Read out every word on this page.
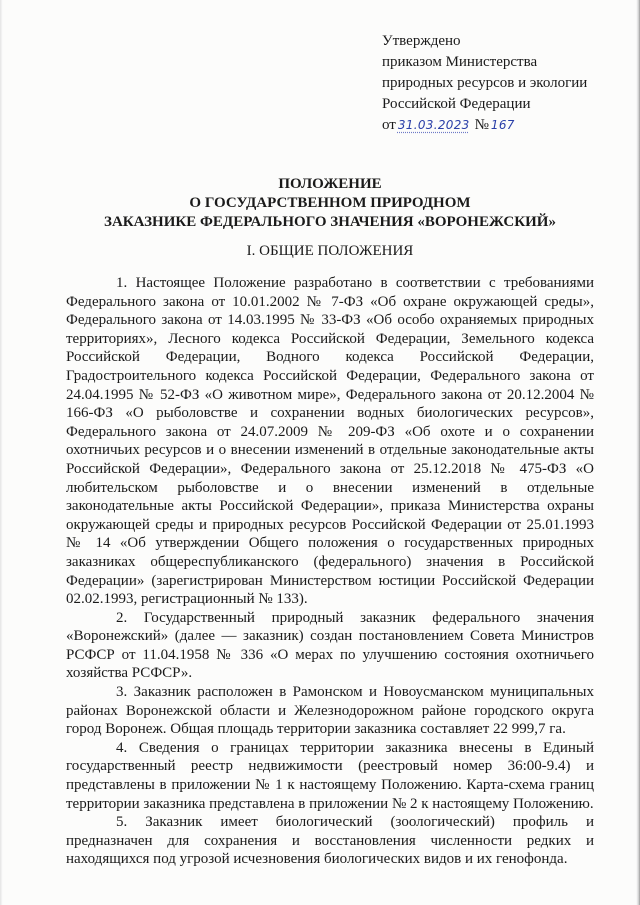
Утверждено
приказом Министерства
природных ресурсов и экологии
Российской Федерации
от 31.03.2023 № 167
ПОЛОЖЕНИЕ
О ГОСУДАРСТВЕННОМ ПРИРОДНОМ
ЗАКАЗНИКЕ ФЕДЕРАЛЬНОГО ЗНАЧЕНИЯ «ВОРОНЕЖСКИЙ»
I. ОБЩИЕ ПОЛОЖЕНИЯ

1. Настоящее Положение разработано в соответствии с требованиями Федерального закона от 10.01.2002 № 7-ФЗ «Об охране окружающей среды», Федерального закона от 14.03.1995 № 33-ФЗ «Об особо охраняемых природных территориях», Лесного кодекса Российской Федерации, Земельного кодекса Российской Федерации, Водного кодекса Российской Федерации, Градостроительного кодекса Российской Федерации, Федерального закона от 24.04.1995 № 52-ФЗ «О животном мире», Федерального закона от 20.12.2004 № 166-ФЗ «О рыболовстве и сохранении водных биологических ресурсов», Федерального закона от 24.07.2009 № 209-ФЗ «Об охоте и о сохранении охотничьих ресурсов и о внесении изменений в отдельные законодательные акты Российской Федерации», Федерального закона от 25.12.2018 № 475-ФЗ «О любительском рыболовстве и о внесении изменений в отдельные законодательные акты Российской Федерации», приказа Министерства охраны окружающей среды и природных ресурсов Российской Федерации от 25.01.1993 № 14 «Об утверждении Общего положения о государственных природных заказниках общереспубликанского (федерального) значения в Российской Федерации» (зарегистрирован Министерством юстиции Российской Федерации 02.02.1993, регистрационный № 133).

2. Государственный природный заказник федерального значения «Воронежский» (далее — заказник) создан постановлением Совета Министров РСФСР от 11.04.1958 № 336 «О мерах по улучшению состояния охотничьего хозяйства РСФСР».

3. Заказник расположен в Рамонском и Новоусманском муниципальных районах Воронежской области и Железнодорожном районе городского округа город Воронеж. Общая площадь территории заказника составляет 22 999,7 га.

4. Сведения о границах территории заказника внесены в Единый государственный реестр недвижимости (реестровый номер 36:00-9.4) и представлены в приложении № 1 к настоящему Положению. Карта-схема границ территории заказника представлена в приложении № 2 к настоящему Положению.

5. Заказник имеет биологический (зоологический) профиль и предназначен для сохранения и восстановления численности редких и находящихся под угрозой исчезновения биологических видов и их генофонда.
